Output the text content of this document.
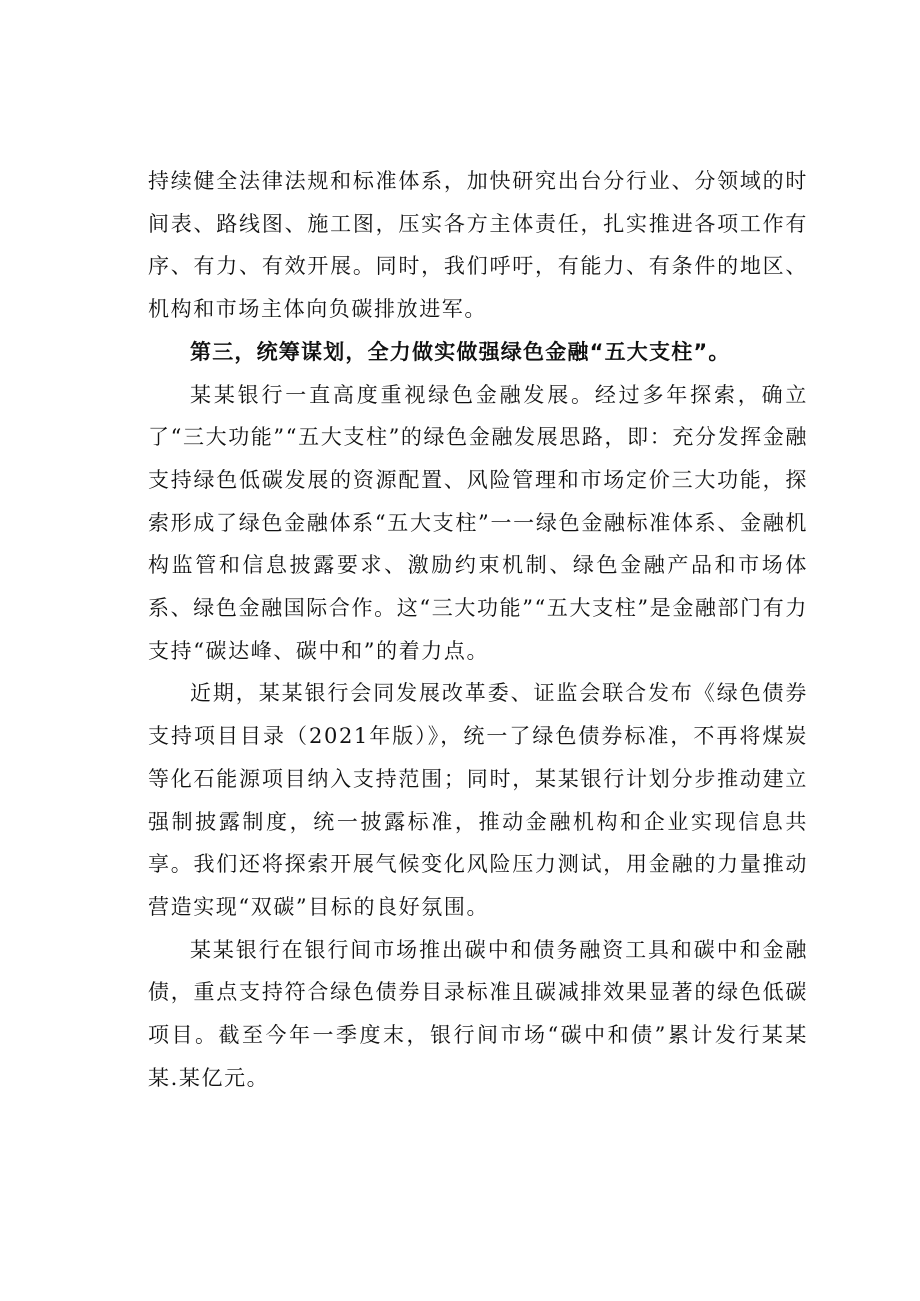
持续健全法律法规和标准体系，加快研究出台分行业、分领域的时间表、路线图、施工图，压实各方主体责任，扎实推进各项工作有序、有力、有效开展。同时，我们呼吁，有能力、有条件的地区、机构和市场主体向负碳排放进军。

第三，统筹谋划，全力做实做强绿色金融“五大支柱”。

某某银行一直高度重视绿色金融发展。经过多年探索，确立了“三大功能”“五大支柱”的绿色金融发展思路，即：充分发挥金融支持绿色低碳发展的资源配置、风险管理和市场定价三大功能，探索形成了绿色金融体系“五大支柱”一一绿色金融标准体系、金融机构监管和信息披露要求、激励约束机制、绿色金融产品和市场体系、绿色金融国际合作。这“三大功能”“五大支柱”是金融部门有力支持“碳达峰、碳中和”的着力点。

近期，某某银行会同发展改革委、证监会联合发布《绿色债券支持项目目录（2021年版）》，统一了绿色债券标准，不再将煤炭等化石能源项目纳入支持范围；同时，某某银行计划分步推动建立强制披露制度，统一披露标准，推动金融机构和企业实现信息共享。我们还将探索开展气候变化风险压力测试，用金融的力量推动营造实现“双碳”目标的良好氛围。

某某银行在银行间市场推出碳中和债务融资工具和碳中和金融债，重点支持符合绿色债券目录标准且碳减排效果显著的绿色低碳项目。截至今年一季度末，银行间市场“碳中和债”累计发行某某某.某亿元。
